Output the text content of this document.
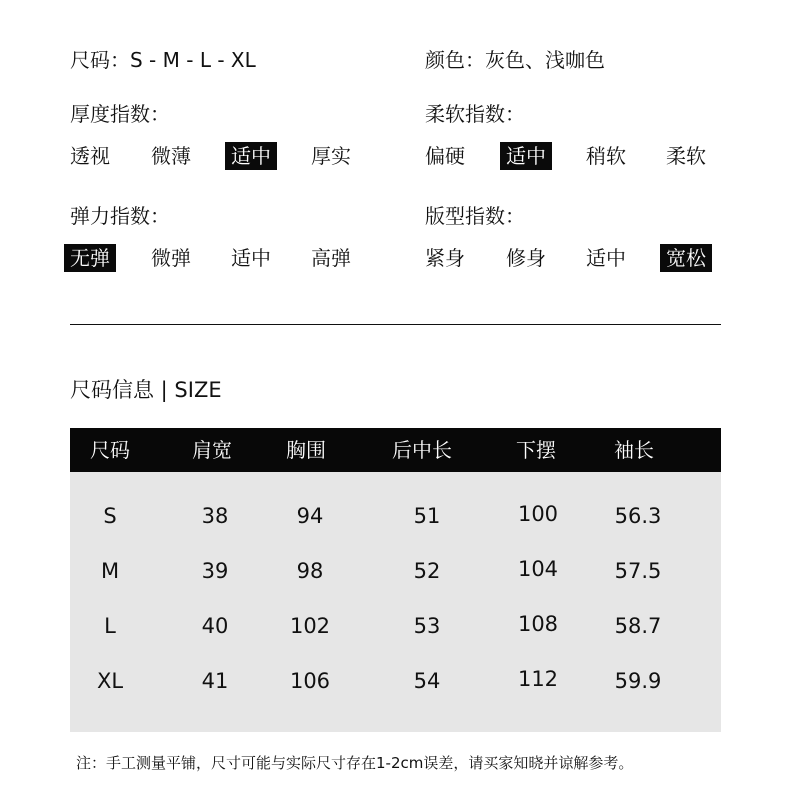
尺码：S - M - L - XL	颜色：灰色、浅咖色
厚度指数：	柔软指数：
弹力指数：	版型指数：
透视 微薄	适中	厚实	偏硬	适中	稍软 柔软
无弹	微弹 适中 高弹	紧身 修身 适中	宽松
尺码信息 | SIZE
尺码	肩宽	胸围	后中长	下摆	袖长
S	38	94	51	100	56.3
M	39	98	52	104	57.5
L	40	102	53	108	58.7
XL	41	106	54	112	59.9
注：手工测量平铺，尺寸可能与实际尺寸存在1-2cm误差，请买家知晓并谅解参考。
